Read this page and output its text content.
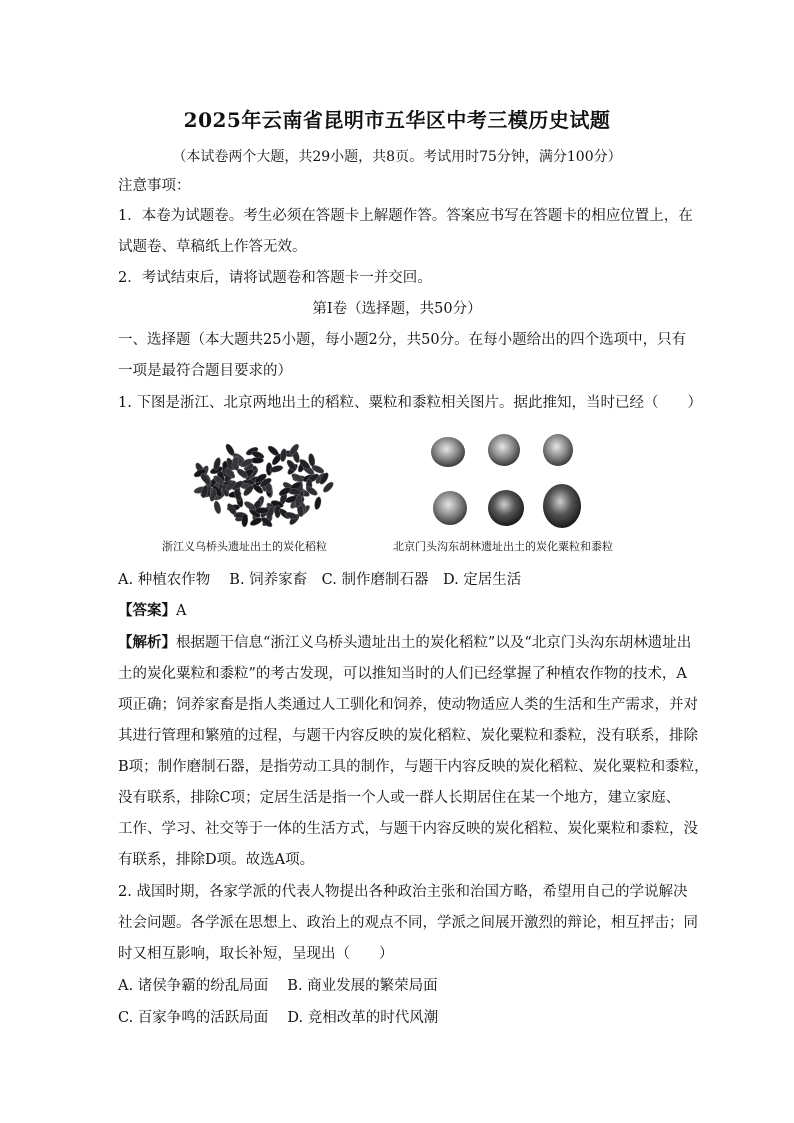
2025年云南省昆明市五华区中考三模历史试题
（本试卷两个大题，共29小题，共8页。考试用时75分钟，满分100分）
注意事项：
1．本卷为试题卷。考生必须在答题卡上解题作答。答案应书写在答题卡的相应位置上，在
试题卷、草稿纸上作答无效。
2．考试结束后，请将试题卷和答题卡一并交回。
第Ⅰ卷（选择题，共50分）
一、选择题（本大题共25小题，每小题2分，共50分。在每小题给出的四个选项中，只有
一项是最符合题目要求的）
1. 下图是浙江、北京两地出土的稻粒、粟粒和黍粒相关图片。据此推知，当时已经（　　）
浙江义乌桥头遗址出土的炭化稻粒	北京门头沟东胡林遗址出土的炭化粟粒和黍粒
A. 种植农作物　 B. 饲养家畜　C. 制作磨制石器　D. 定居生活
【答案】A
【解析】根据题干信息“浙江义乌桥头遗址出土的炭化稻粒”以及“北京门头沟东胡林遗址出
土的炭化粟粒和黍粒”的考古发现，可以推知当时的人们已经掌握了种植农作物的技术，A
项正确；饲养家畜是指人类通过人工驯化和饲养，使动物适应人类的生活和生产需求，并对
其进行管理和繁殖的过程，与题干内容反映的炭化稻粒、炭化粟粒和黍粒，没有联系，排除
B项；制作磨制石器，是指劳动工具的制作，与题干内容反映的炭化稻粒、炭化粟粒和黍粒，
没有联系，排除C项；定居生活是指一个人或一群人长期居住在某一个地方，建立家庭、
工作、学习、社交等于一体的生活方式，与题干内容反映的炭化稻粒、炭化粟粒和黍粒，没
有联系，排除D项。故选A项。
2. 战国时期，各家学派的代表人物提出各种政治主张和治国方略，希望用自己的学说解决
社会问题。各学派在思想上、政治上的观点不同，学派之间展开激烈的辩论，相互抨击；同
时又相互影响，取长补短，呈现出（　　）
A. 诸侯争霸的纷乱局面　 B. 商业发展的繁荣局面
C. 百家争鸣的活跃局面　 D. 竞相改革的时代风潮
